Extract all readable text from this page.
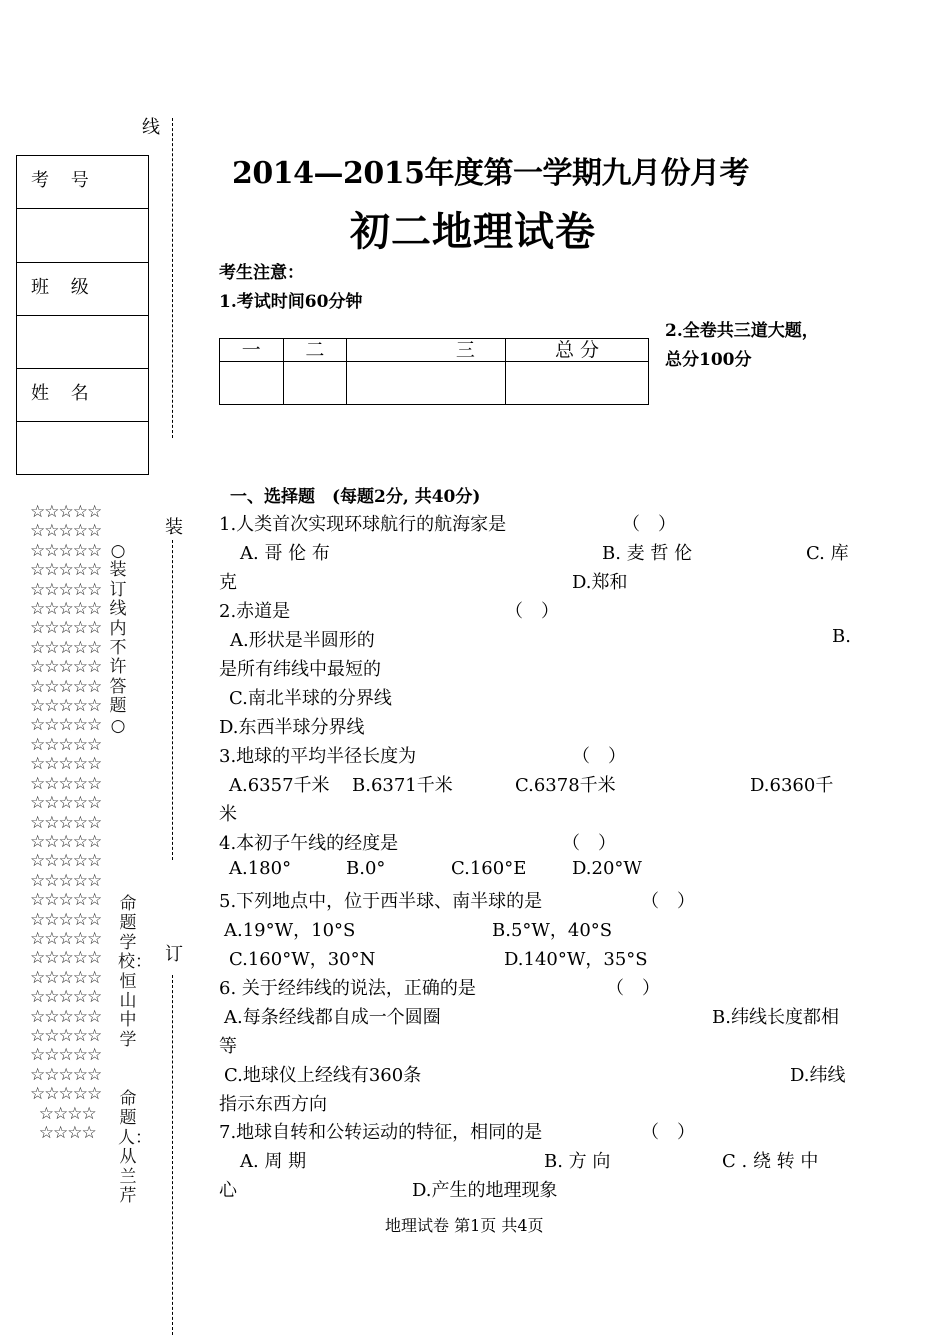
线
装
订
考 号
班 级
姓 名
☆☆☆☆☆
☆☆☆☆☆
☆☆☆☆☆
☆☆☆☆☆
☆☆☆☆☆
☆☆☆☆☆
☆☆☆☆☆
☆☆☆☆☆
☆☆☆☆☆
☆☆☆☆☆
☆☆☆☆☆
☆☆☆☆☆
☆☆☆☆☆
☆☆☆☆☆
☆☆☆☆☆
☆☆☆☆☆
☆☆☆☆☆
☆☆☆☆☆
☆☆☆☆☆
☆☆☆☆☆
☆☆☆☆☆
☆☆☆☆☆
☆☆☆☆☆
☆☆☆☆☆
☆☆☆☆☆
☆☆☆☆☆
☆☆☆☆☆
☆☆☆☆☆
☆☆☆☆☆
☆☆☆☆☆
☆☆☆☆☆
☆☆☆☆
☆☆☆☆
○装订线内不许答题○
命题学校：恒山中学
命题人：从兰芹
2014—2015年度第一学期九月份月考
初二地理试卷
考生注意：
1.考试时间60分钟
2.全卷共三道大题，
总分100分
一	二	三	总 分

一、选择题　(每题2分, 共40分)
1.人类首次实现环球航行的航海家是	（　）
A. 哥 伦 布	B. 麦 哲 伦	C. 库
克	D.郑和
2.赤道是	（　）
A.形状是半圆形的	B.
是所有纬线中最短的
C.南北半球的分界线
D.东西半球分界线
3.地球的平均半径长度为	（　）
A.6357千米 B.6371千米	C.6378千米	D.6360千
米
4.本初子午线的经度是	（　）
A.180°	B.0°	C.160°E	D.20°W
5.下列地点中，位于西半球、南半球的是	（　）
A.19°W，10°S	B.5°W，40°S
C.160°W，30°N	D.140°W，35°S
6. 关于经纬线的说法，正确的是	（　）
A.每条经线都自成一个圆圈	B.纬线长度都相
等
C.地球仪上经线有360条	D.纬线
指示东西方向
7.地球自转和公转运动的特征，相同的是	（　）
A. 周 期	B. 方 向	C . 绕 转 中
心	D.产生的地理现象
地理试卷 第1页 共4页
